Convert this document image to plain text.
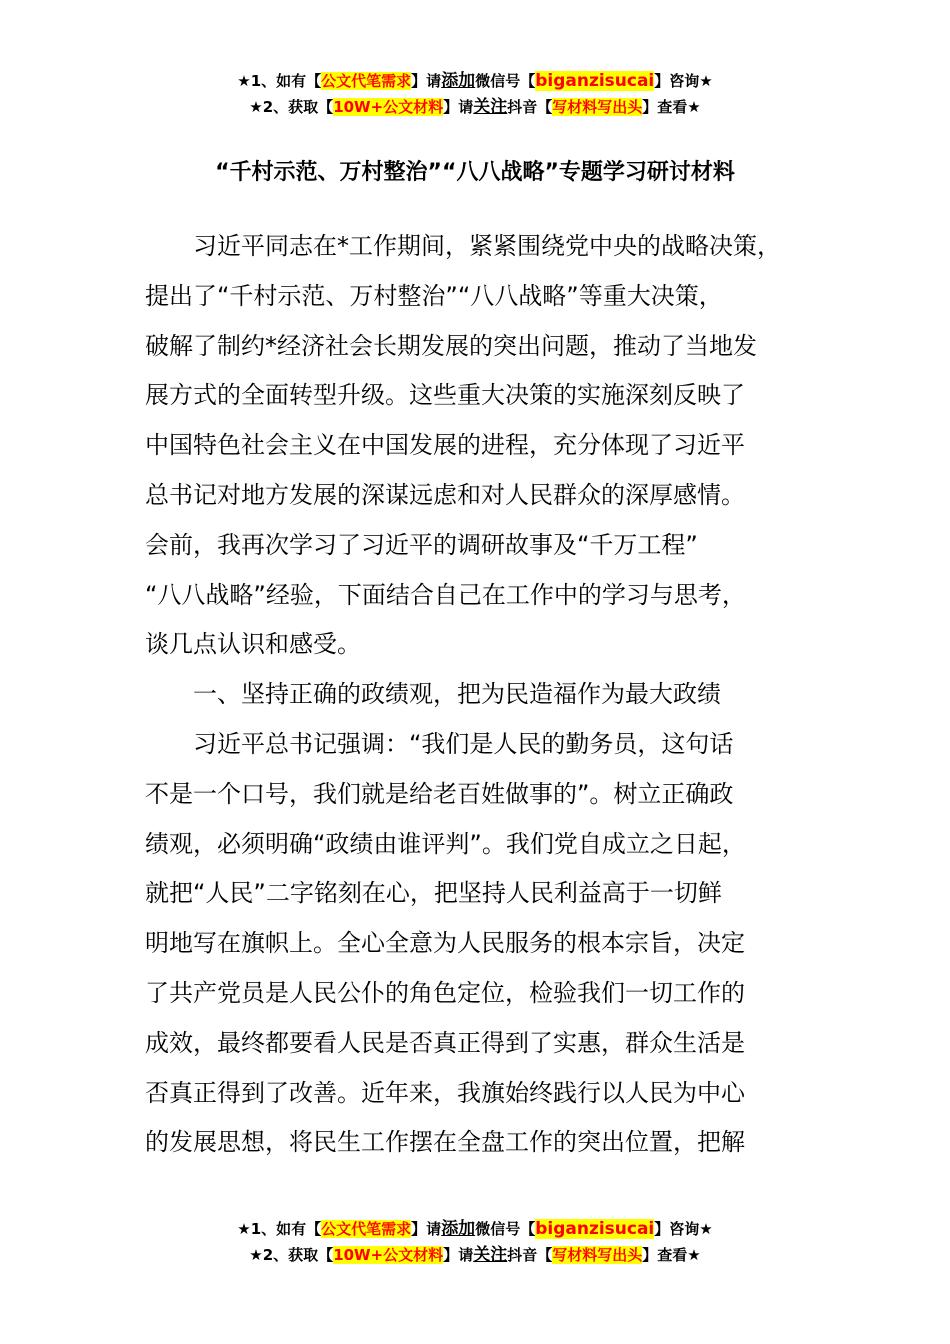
★1、如有【公文代笔需求】请添加微信号【biganzisucai】咨询★
★2、获取【10W+公文材料】请关注抖音【写材料写出头】查看★
“千村示范、万村整治”“八八战略”专题学习研讨材料

　　习近平同志在*工作期间，紧紧围绕党中央的战略决策，

提出了“千村示范、万村整治”“八八战略”等重大决策，

破解了制约*经济社会长期发展的突出问题，推动了当地发

展方式的全面转型升级。这些重大决策的实施深刻反映了

中国特色社会主义在中国发展的进程，充分体现了习近平

总书记对地方发展的深谋远虑和对人民群众的深厚感情。

会前，我再次学习了习近平的调研故事及“千万工程”

“八八战略”经验，下面结合自己在工作中的学习与思考，

谈几点认识和感受。

　　一、坚持正确的政绩观，把为民造福作为最大政绩

　　习近平总书记强调：“我们是人民的勤务员，这句话

不是一个口号，我们就是给老百姓做事的”。树立正确政

绩观，必须明确“政绩由谁评判”。我们党自成立之日起，

就把“人民”二字铭刻在心，把坚持人民利益高于一切鲜

明地写在旗帜上。全心全意为人民服务的根本宗旨，决定

了共产党员是人民公仆的角色定位，检验我们一切工作的

成效，最终都要看人民是否真正得到了实惠，群众生活是

否真正得到了改善。近年来，我旗始终践行以人民为中心

的发展思想，将民生工作摆在全盘工作的突出位置，把解

★1、如有【公文代笔需求】请添加微信号【biganzisucai】咨询★
★2、获取【10W+公文材料】请关注抖音【写材料写出头】查看★
